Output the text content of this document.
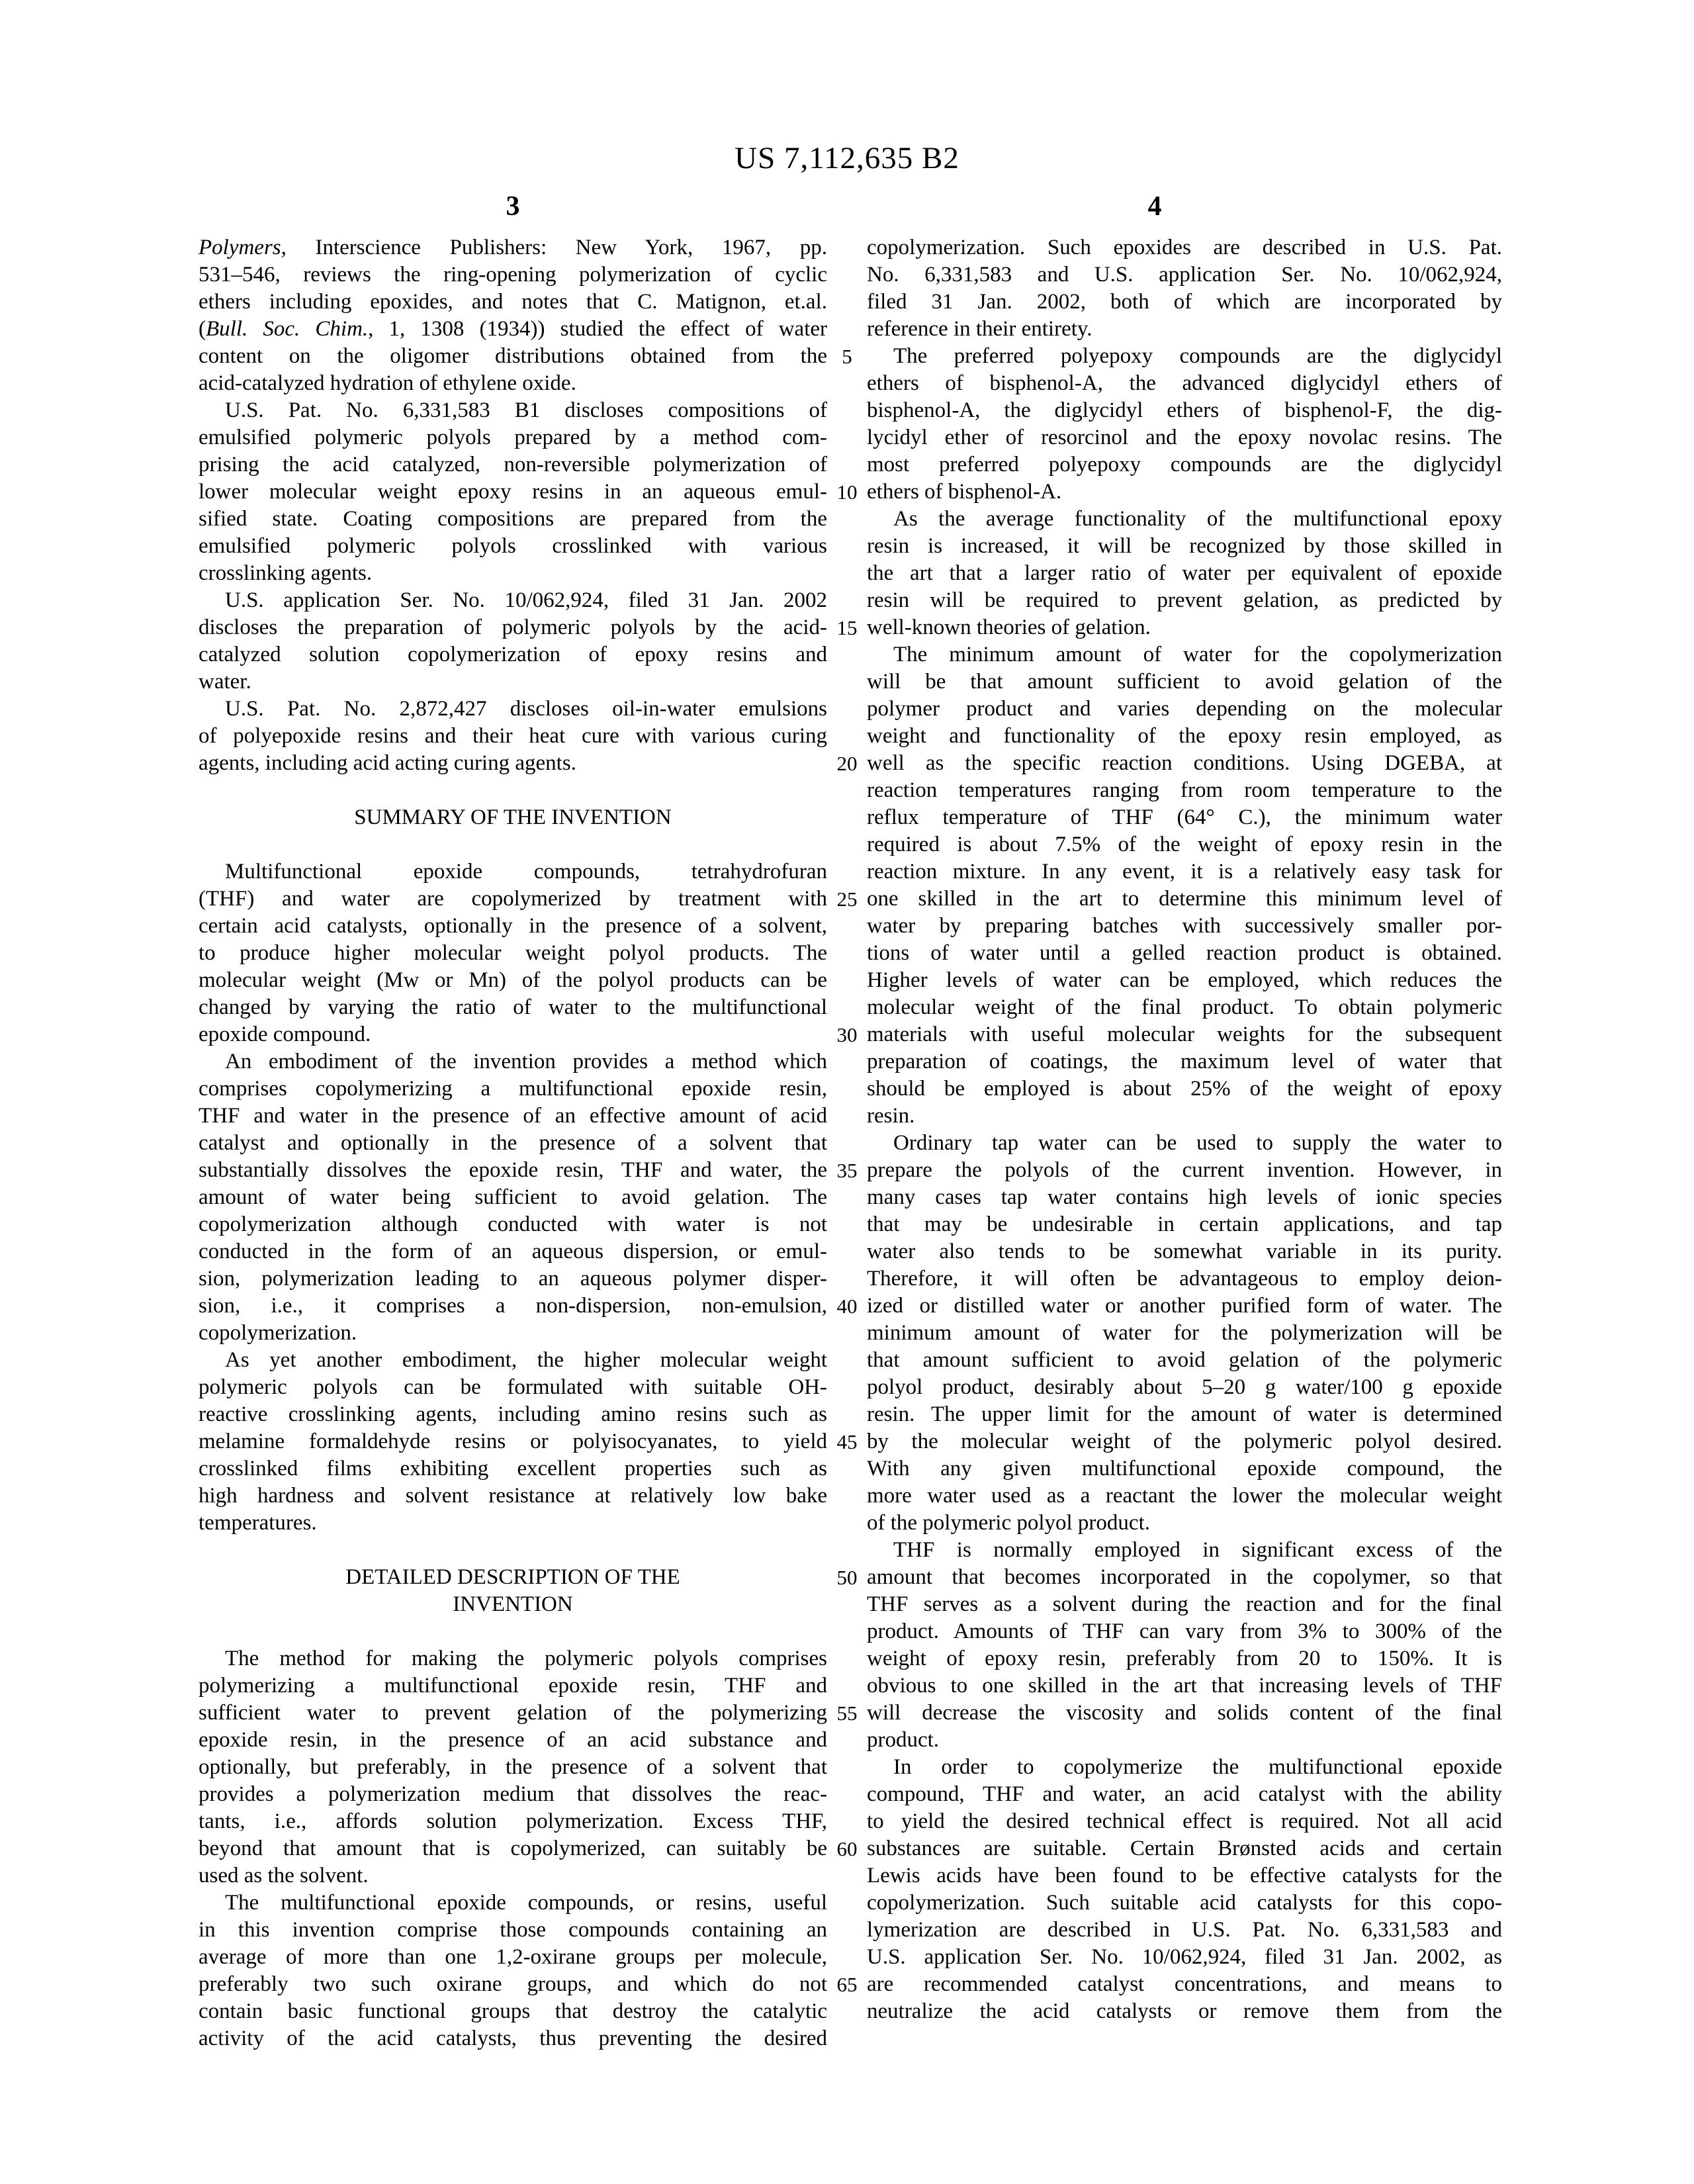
US 7,112,635 B2
3	4
Polymers, Interscience Publishers: New York, 1967, pp.
531–546, reviews the ring-opening polymerization of cyclic
ethers including epoxides, and notes that C. Matignon, et.al.
(Bull. Soc. Chim., 1, 1308 (1934)) studied the effect of water
content on the oligomer distributions obtained from the
acid-catalyzed hydration of ethylene oxide.
U.S. Pat. No. 6,331,583 B1 discloses compositions of
emulsified polymeric polyols prepared by a method com-
prising the acid catalyzed, non-reversible polymerization of
lower molecular weight epoxy resins in an aqueous emul-
sified state. Coating compositions are prepared from the
emulsified polymeric polyols crosslinked with various
crosslinking agents.
U.S. application Ser. No. 10/062,924, filed 31 Jan. 2002
discloses the preparation of polymeric polyols by the acid-
catalyzed solution copolymerization of epoxy resins and
water.
U.S. Pat. No. 2,872,427 discloses oil-in-water emulsions
of polyepoxide resins and their heat cure with various curing
agents, including acid acting curing agents.
SUMMARY OF THE INVENTION
Multifunctional epoxide compounds, tetrahydrofuran
(THF) and water are copolymerized by treatment with
certain acid catalysts, optionally in the presence of a solvent,
to produce higher molecular weight polyol products. The
molecular weight (Mw or Mn) of the polyol products can be
changed by varying the ratio of water to the multifunctional
epoxide compound.
An embodiment of the invention provides a method which
comprises copolymerizing a multifunctional epoxide resin,
THF and water in the presence of an effective amount of acid
catalyst and optionally in the presence of a solvent that
substantially dissolves the epoxide resin, THF and water, the
amount of water being sufficient to avoid gelation. The
copolymerization although conducted with water is not
conducted in the form of an aqueous dispersion, or emul-
sion, polymerization leading to an aqueous polymer disper-
sion, i.e., it comprises a non-dispersion, non-emulsion,
copolymerization.
As yet another embodiment, the higher molecular weight
polymeric polyols can be formulated with suitable OH-
reactive crosslinking agents, including amino resins such as
melamine formaldehyde resins or polyisocyanates, to yield
crosslinked films exhibiting excellent properties such as
high hardness and solvent resistance at relatively low bake
temperatures.
DETAILED DESCRIPTION OF THE
INVENTION
The method for making the polymeric polyols comprises
polymerizing a multifunctional epoxide resin, THF and
sufficient water to prevent gelation of the polymerizing
epoxide resin, in the presence of an acid substance and
optionally, but preferably, in the presence of a solvent that
provides a polymerization medium that dissolves the reac-
tants, i.e., affords solution polymerization. Excess THF,
beyond that amount that is copolymerized, can suitably be
used as the solvent.
The multifunctional epoxide compounds, or resins, useful
in this invention comprise those compounds containing an
average of more than one 1,2-oxirane groups per molecule,
preferably two such oxirane groups, and which do not
contain basic functional groups that destroy the catalytic
activity of the acid catalysts, thus preventing the desired
5
10
15
20
25
30
35
40
45
50
55
60
65
copolymerization. Such epoxides are described in U.S. Pat.
No. 6,331,583 and U.S. application Ser. No. 10/062,924,
filed 31 Jan. 2002, both of which are incorporated by
reference in their entirety.
The preferred polyepoxy compounds are the diglycidyl
ethers of bisphenol-A, the advanced diglycidyl ethers of
bisphenol-A, the diglycidyl ethers of bisphenol-F, the dig-
lycidyl ether of resorcinol and the epoxy novolac resins. The
most preferred polyepoxy compounds are the diglycidyl
ethers of bisphenol-A.
As the average functionality of the multifunctional epoxy
resin is increased, it will be recognized by those skilled in
the art that a larger ratio of water per equivalent of epoxide
resin will be required to prevent gelation, as predicted by
well-known theories of gelation.
The minimum amount of water for the copolymerization
will be that amount sufficient to avoid gelation of the
polymer product and varies depending on the molecular
weight and functionality of the epoxy resin employed, as
well as the specific reaction conditions. Using DGEBA, at
reaction temperatures ranging from room temperature to the
reflux temperature of THF (64° C.), the minimum water
required is about 7.5% of the weight of epoxy resin in the
reaction mixture. In any event, it is a relatively easy task for
one skilled in the art to determine this minimum level of
water by preparing batches with successively smaller por-
tions of water until a gelled reaction product is obtained.
Higher levels of water can be employed, which reduces the
molecular weight of the final product. To obtain polymeric
materials with useful molecular weights for the subsequent
preparation of coatings, the maximum level of water that
should be employed is about 25% of the weight of epoxy
resin.
Ordinary tap water can be used to supply the water to
prepare the polyols of the current invention. However, in
many cases tap water contains high levels of ionic species
that may be undesirable in certain applications, and tap
water also tends to be somewhat variable in its purity.
Therefore, it will often be advantageous to employ deion-
ized or distilled water or another purified form of water. The
minimum amount of water for the polymerization will be
that amount sufficient to avoid gelation of the polymeric
polyol product, desirably about 5–20 g water/100 g epoxide
resin. The upper limit for the amount of water is determined
by the molecular weight of the polymeric polyol desired.
With any given multifunctional epoxide compound, the
more water used as a reactant the lower the molecular weight
of the polymeric polyol product.
THF is normally employed in significant excess of the
amount that becomes incorporated in the copolymer, so that
THF serves as a solvent during the reaction and for the final
product. Amounts of THF can vary from 3% to 300% of the
weight of epoxy resin, preferably from 20 to 150%. It is
obvious to one skilled in the art that increasing levels of THF
will decrease the viscosity and solids content of the final
product.
In order to copolymerize the multifunctional epoxide
compound, THF and water, an acid catalyst with the ability
to yield the desired technical effect is required. Not all acid
substances are suitable. Certain Brønsted acids and certain
Lewis acids have been found to be effective catalysts for the
copolymerization. Such suitable acid catalysts for this copo-
lymerization are described in U.S. Pat. No. 6,331,583 and
U.S. application Ser. No. 10/062,924, filed 31 Jan. 2002, as
are recommended catalyst concentrations, and means to
neutralize the acid catalysts or remove them from the
